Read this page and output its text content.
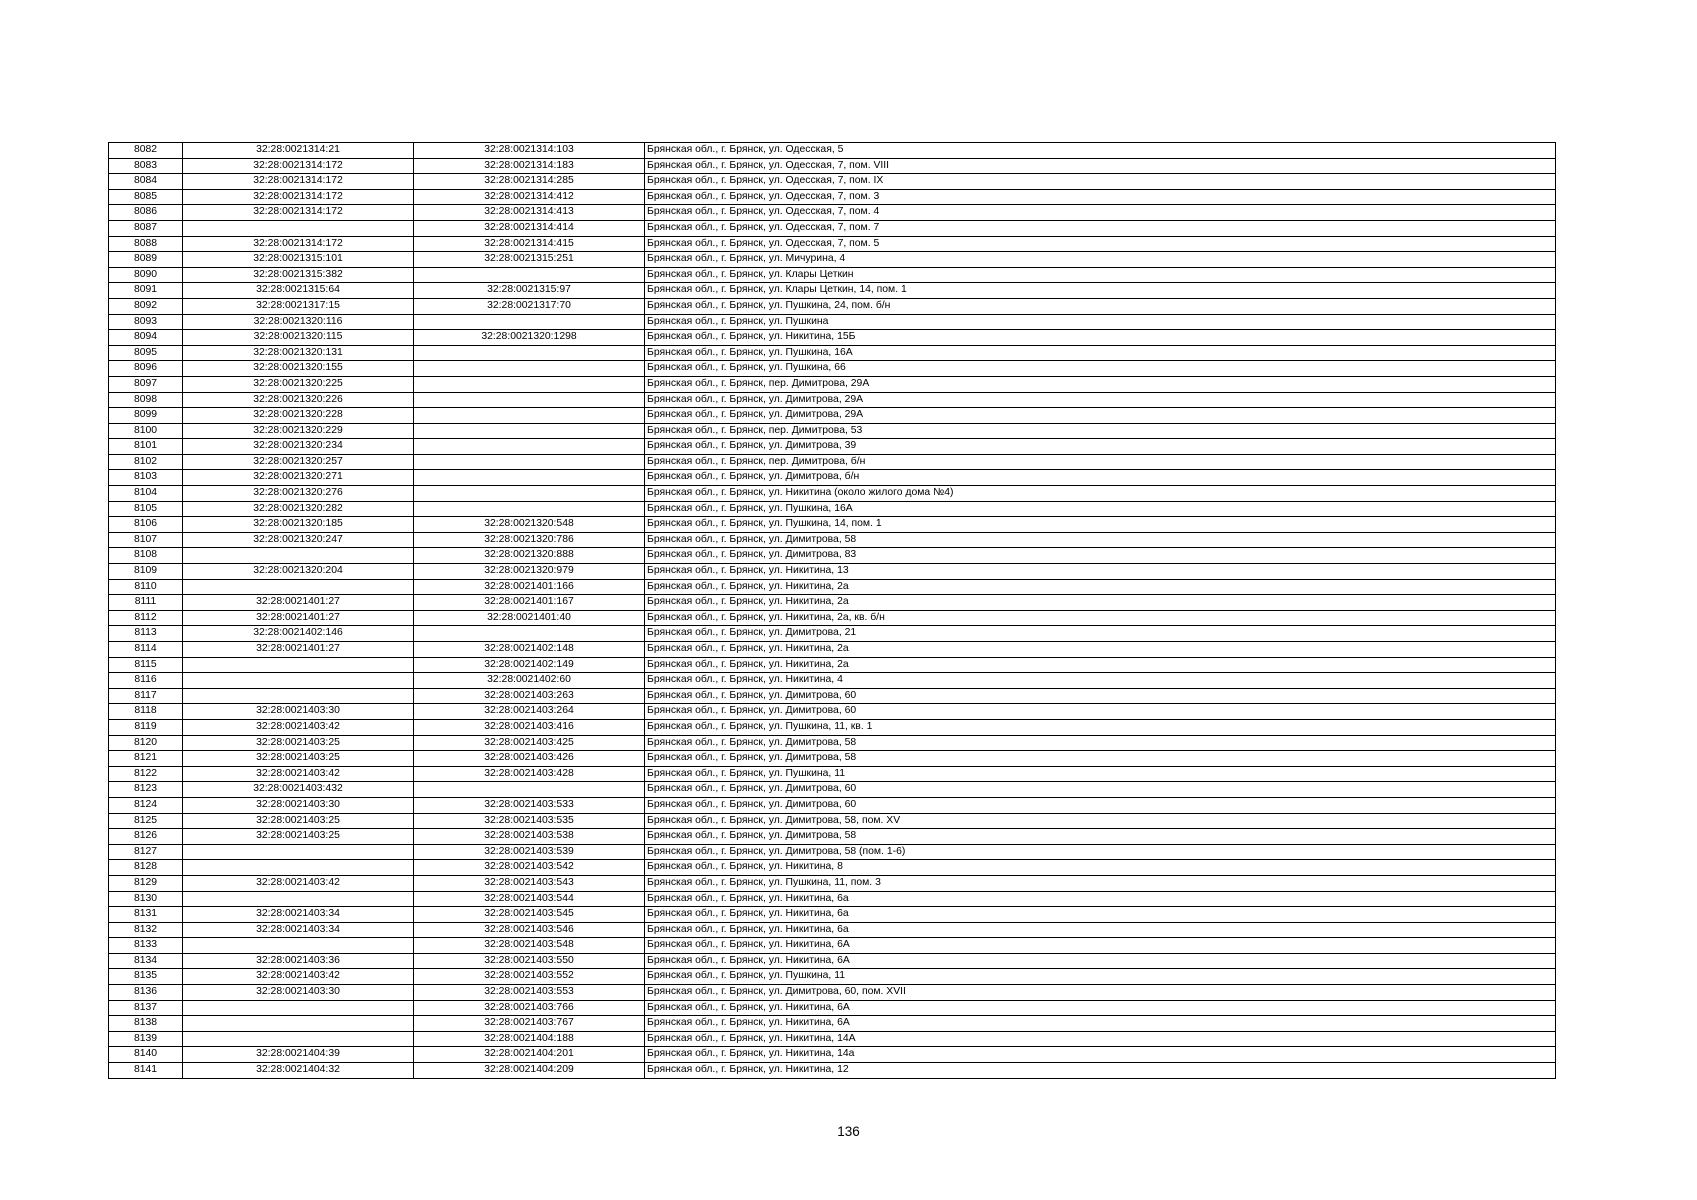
8082	32:28:0021314:21	32:28:0021314:103	Брянская обл., г. Брянск, ул. Одесская, 5
8083	32:28:0021314:172	32:28:0021314:183	Брянская обл., г. Брянск, ул. Одесская, 7, пом. VIII
8084	32:28:0021314:172	32:28:0021314:285	Брянская обл., г. Брянск, ул. Одесская, 7, пом. IX
8085	32:28:0021314:172	32:28:0021314:412	Брянская обл., г. Брянск, ул. Одесская, 7, пом. 3
8086	32:28:0021314:172	32:28:0021314:413	Брянская обл., г. Брянск, ул. Одесская, 7, пом. 4
8087		32:28:0021314:414	Брянская обл., г. Брянск, ул. Одесская, 7, пом. 7
8088	32:28:0021314:172	32:28:0021314:415	Брянская обл., г. Брянск, ул. Одесская, 7, пом. 5
8089	32:28:0021315:101	32:28:0021315:251	Брянская обл., г. Брянск, ул. Мичурина, 4
8090	32:28:0021315:382		Брянская обл., г. Брянск, ул. Клары Цеткин
8091	32:28:0021315:64	32:28:0021315:97	Брянская обл., г. Брянск, ул. Клары Цеткин, 14, пом. 1
8092	32:28:0021317:15	32:28:0021317:70	Брянская обл., г. Брянск, ул. Пушкина, 24, пом. б/н
8093	32:28:0021320:116		Брянская обл., г. Брянск, ул. Пушкина
8094	32:28:0021320:115	32:28:0021320:1298	Брянская обл., г. Брянск, ул. Никитина, 15Б
8095	32:28:0021320:131		Брянская обл., г. Брянск, ул. Пушкина, 16А
8096	32:28:0021320:155		Брянская обл., г. Брянск, ул. Пушкина, 66
8097	32:28:0021320:225		Брянская обл., г. Брянск, пер. Димитрова, 29А
8098	32:28:0021320:226		Брянская обл., г. Брянск, ул. Димитрова, 29А
8099	32:28:0021320:228		Брянская обл., г. Брянск, ул. Димитрова, 29А
8100	32:28:0021320:229		Брянская обл., г. Брянск, пер. Димитрова, 53
8101	32:28:0021320:234		Брянская обл., г. Брянск, ул. Димитрова, 39
8102	32:28:0021320:257		Брянская обл., г. Брянск, пер. Димитрова, б/н
8103	32:28:0021320:271		Брянская обл., г. Брянск, ул. Димитрова, б/н
8104	32:28:0021320:276		Брянская обл., г. Брянск, ул. Никитина (около жилого дома №4)
8105	32:28:0021320:282		Брянская обл., г. Брянск, ул. Пушкина, 16А
8106	32:28:0021320:185	32:28:0021320:548	Брянская обл., г. Брянск, ул. Пушкина, 14, пом. 1
8107	32:28:0021320:247	32:28:0021320:786	Брянская обл., г. Брянск, ул. Димитрова, 58
8108		32:28:0021320:888	Брянская обл., г. Брянск, ул. Димитрова, 83
8109	32:28:0021320:204	32:28:0021320:979	Брянская обл., г. Брянск, ул. Никитина, 13
8110		32:28:0021401:166	Брянская обл., г. Брянск, ул. Никитина, 2а
8111	32:28:0021401:27	32:28:0021401:167	Брянская обл., г. Брянск, ул. Никитина, 2а
8112	32:28:0021401:27	32:28:0021401:40	Брянская обл., г. Брянск, ул. Никитина, 2а, кв. б/н
8113	32:28:0021402:146		Брянская обл., г. Брянск, ул. Димитрова, 21
8114	32:28:0021401:27	32:28:0021402:148	Брянская обл., г. Брянск, ул. Никитина, 2а
8115		32:28:0021402:149	Брянская обл., г. Брянск, ул. Никитина, 2а
8116		32:28:0021402:60	Брянская обл., г. Брянск, ул. Никитина, 4
8117		32:28:0021403:263	Брянская обл., г. Брянск, ул. Димитрова, 60
8118	32:28:0021403:30	32:28:0021403:264	Брянская обл., г. Брянск, ул. Димитрова, 60
8119	32:28:0021403:42	32:28:0021403:416	Брянская обл., г. Брянск, ул. Пушкина, 11, кв. 1
8120	32:28:0021403:25	32:28:0021403:425	Брянская обл., г. Брянск, ул. Димитрова, 58
8121	32:28:0021403:25	32:28:0021403:426	Брянская обл., г. Брянск, ул. Димитрова, 58
8122	32:28:0021403:42	32:28:0021403:428	Брянская обл., г. Брянск, ул. Пушкина, 11
8123	32:28:0021403:432		Брянская обл., г. Брянск, ул. Димитрова, 60
8124	32:28:0021403:30	32:28:0021403:533	Брянская обл., г. Брянск, ул. Димитрова, 60
8125	32:28:0021403:25	32:28:0021403:535	Брянская обл., г. Брянск, ул. Димитрова, 58, пом. XV
8126	32:28:0021403:25	32:28:0021403:538	Брянская обл., г. Брянск, ул. Димитрова, 58
8127		32:28:0021403:539	Брянская обл., г. Брянск, ул. Димитрова, 58 (пом. 1-6)
8128		32:28:0021403:542	Брянская обл., г. Брянск, ул. Никитина, 8
8129	32:28:0021403:42	32:28:0021403:543	Брянская обл., г. Брянск, ул. Пушкина, 11, пом. 3
8130		32:28:0021403:544	Брянская обл., г. Брянск, ул. Никитина, 6а
8131	32:28:0021403:34	32:28:0021403:545	Брянская обл., г. Брянск, ул. Никитина, 6а
8132	32:28:0021403:34	32:28:0021403:546	Брянская обл., г. Брянск, ул. Никитина, 6а
8133		32:28:0021403:548	Брянская обл., г. Брянск, ул. Никитина, 6А
8134	32:28:0021403:36	32:28:0021403:550	Брянская обл., г. Брянск, ул. Никитина, 6А
8135	32:28:0021403:42	32:28:0021403:552	Брянская обл., г. Брянск, ул. Пушкина, 11
8136	32:28:0021403:30	32:28:0021403:553	Брянская обл., г. Брянск, ул. Димитрова, 60, пом. XVII
8137		32:28:0021403:766	Брянская обл., г. Брянск, ул. Никитина, 6А
8138		32:28:0021403:767	Брянская обл., г. Брянск, ул. Никитина, 6А
8139		32:28:0021404:188	Брянская обл., г. Брянск, ул. Никитина, 14А
8140	32:28:0021404:39	32:28:0021404:201	Брянская обл., г. Брянск, ул. Никитина, 14а
8141	32:28:0021404:32	32:28:0021404:209	Брянская обл., г. Брянск, ул. Никитина, 12
136
